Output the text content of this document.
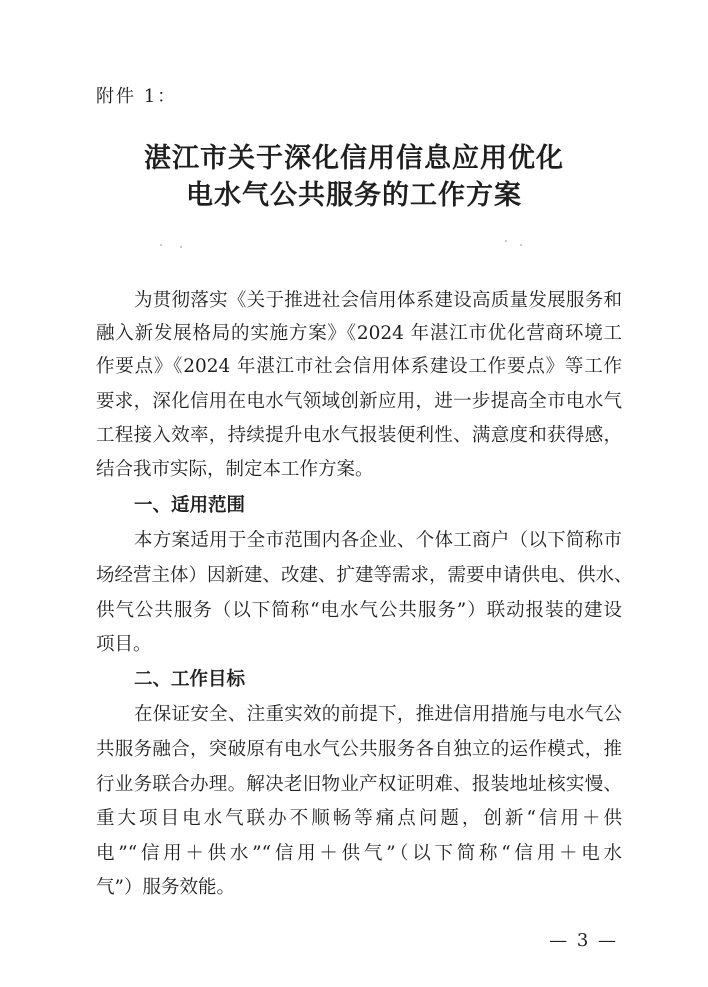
附件 1：
湛江市关于深化信用信息应用优化
电水气公共服务的工作方案
为贯彻落实《关于推进社会信用体系建设高质量发展服务和
融入新发展格局的实施方案》《2024 年湛江市优化营商环境工
作要点》《2024 年湛江市社会信用体系建设工作要点》等工作
要求，深化信用在电水气领域创新应用，进一步提高全市电水气
工程接入效率，持续提升电水气报装便利性、满意度和获得感，
结合我市实际，制定本工作方案。
一、适用范围
本方案适用于全市范围内各企业、个体工商户（以下简称市
场经营主体）因新建、改建、扩建等需求，需要申请供电、供水、
供气公共服务（以下简称“电水气公共服务”）联动报装的建设
项目。
二、工作目标
在保证安全、注重实效的前提下，推进信用措施与电水气公
共服务融合，突破原有电水气公共服务各自独立的运作模式，推
行业务联合办理。解决老旧物业产权证明难、报装地址核实慢、
重大项目电水气联办不顺畅等痛点问题，创新“信用＋供
电”“信用＋供水”“信用＋供气”（以下简称“信用＋电水
气”）服务效能。
— 3 —
